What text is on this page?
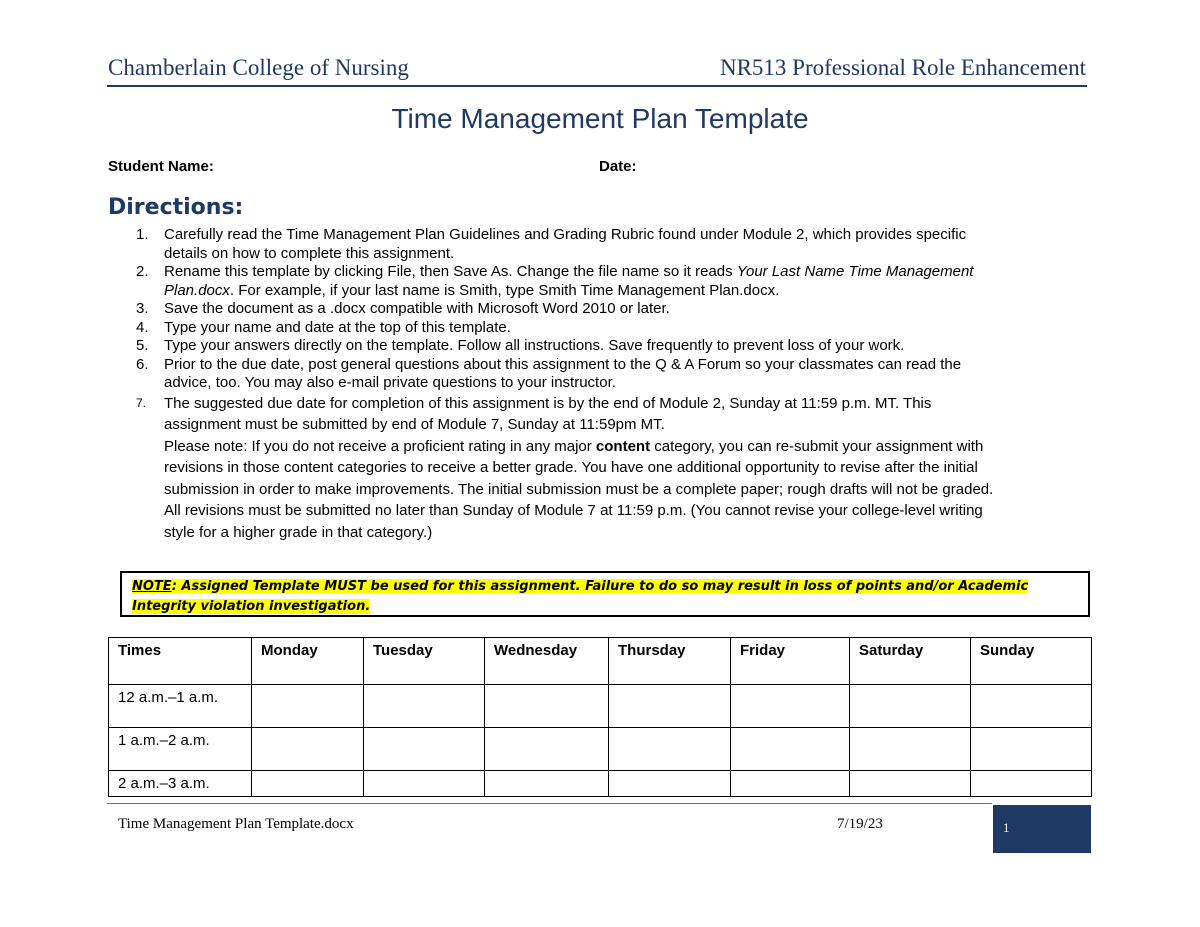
Chamberlain College of Nursing	NR513 Professional Role Enhancement
Time Management Plan Template
Student Name:	Date:
Directions:
1. Carefully read the Time Management Plan Guidelines and Grading Rubric found under Module 2, which provides specific
details on how to complete this assignment.
2. Rename this template by clicking File, then Save As. Change the file name so it reads Your Last Name Time Management
Plan.docx. For example, if your last name is Smith, type Smith Time Management Plan.docx.
3. Save the document as a .docx compatible with Microsoft Word 2010 or later.
4. Type your name and date at the top of this template.
5. Type your answers directly on the template. Follow all instructions. Save frequently to prevent loss of your work.
6. Prior to the due date, post general questions about this assignment to the Q & A Forum so your classmates can read the
advice, too. You may also e-mail private questions to your instructor.
7. The suggested due date for completion of this assignment is by the end of Module 2, Sunday at 11:59 p.m. MT. This
assignment must be submitted by end of Module 7, Sunday at 11:59pm MT.
Please note: If you do not receive a proficient rating in any major content category, you can re-submit your assignment with
revisions in those content categories to receive a better grade. You have one additional opportunity to revise after the initial
submission in order to make improvements. The initial submission must be a complete paper; rough drafts will not be graded.
All revisions must be submitted no later than Sunday of Module 7 at 11:59 p.m. (You cannot revise your college-level writing
style for a higher grade in that category.)
NOTE: Assigned Template MUST be used for this assignment. Failure to do so may result in loss of points and/or Academic
Integrity violation investigation.
Times	Monday	Tuesday	Wednesday	Thursday	Friday	Saturday	Sunday
12 a.m.–1 a.m.							
1 a.m.–2 a.m.							
2 a.m.–3 a.m.							
Time Management Plan Template.docx	7/19/23	1
